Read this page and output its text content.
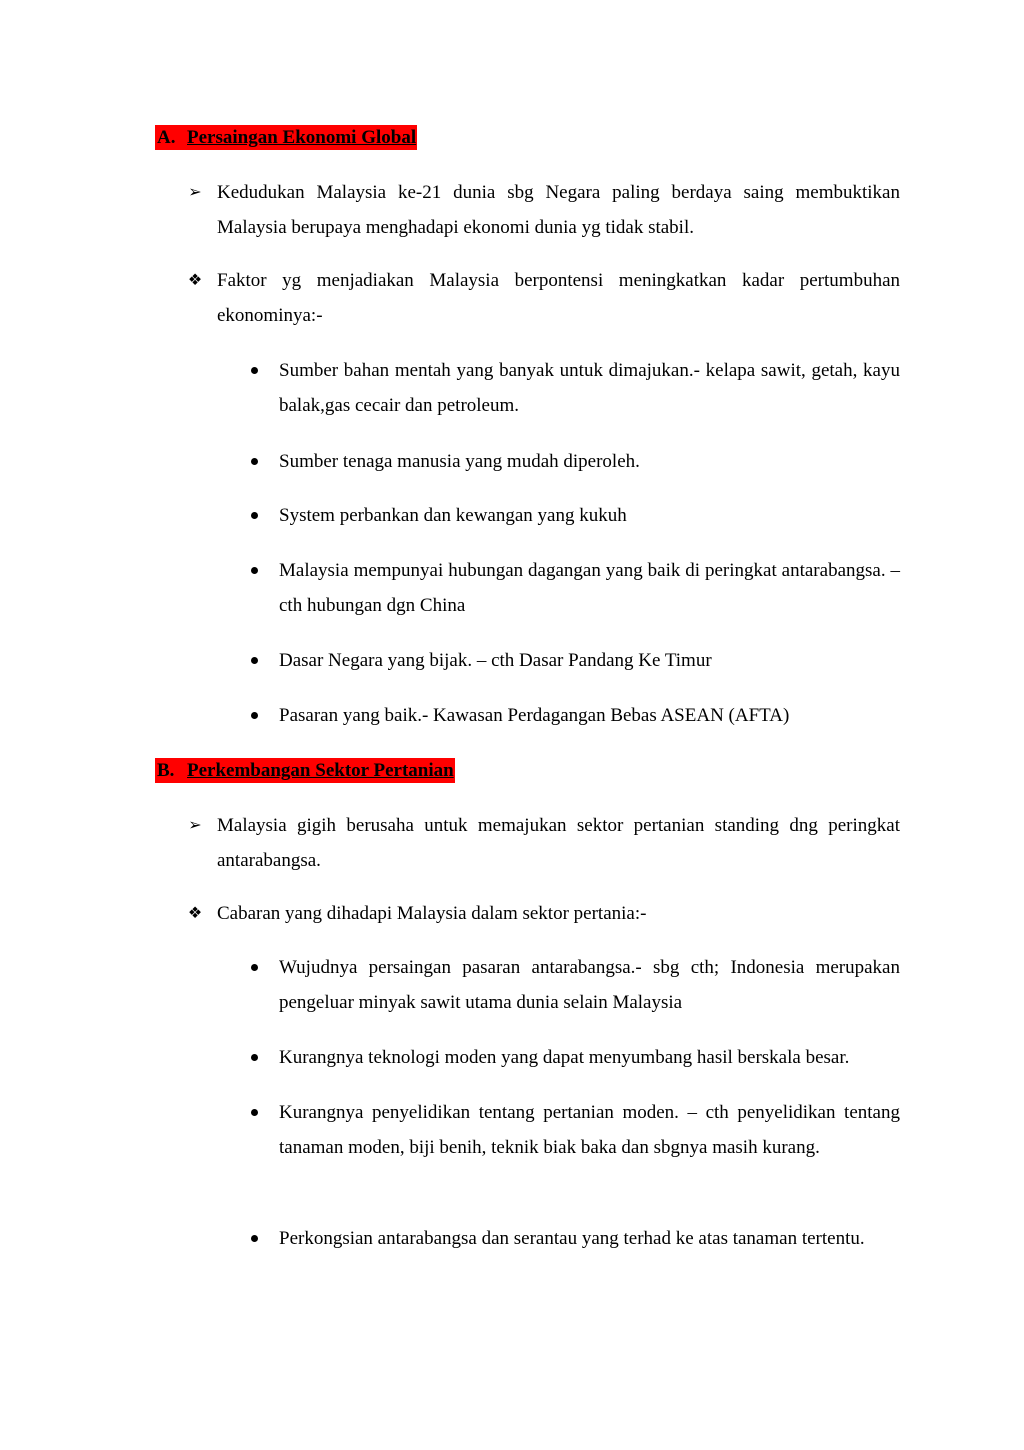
A. Persaingan Ekonomi Global
➢ Kedudukan Malaysia ke-21 dunia sbg Negara paling berdaya saing membuktikan Malaysia berupaya menghadapi ekonomi dunia yg tidak stabil.
❖ Faktor yg menjadiakan Malaysia berpontensi meningkatkan kadar pertumbuhan ekonominya:-
Sumber bahan mentah yang banyak untuk dimajukan.- kelapa sawit, getah, kayu balak,gas cecair dan petroleum.
Sumber tenaga manusia yang mudah diperoleh.
System perbankan dan kewangan yang kukuh
Malaysia mempunyai hubungan dagangan yang baik di peringkat antarabangsa. – cth hubungan dgn China
Dasar Negara yang bijak. – cth Dasar Pandang Ke Timur
Pasaran yang baik.- Kawasan Perdagangan Bebas ASEAN (AFTA)
B. Perkembangan Sektor Pertanian
➢ Malaysia gigih berusaha untuk memajukan sektor pertanian standing dng peringkat antarabangsa.
❖ Cabaran yang dihadapi Malaysia dalam sektor pertania:-
Wujudnya persaingan pasaran antarabangsa.- sbg cth; Indonesia merupakan pengeluar minyak sawit utama dunia selain Malaysia
Kurangnya teknologi moden yang dapat menyumbang hasil berskala besar.
Kurangnya penyelidikan tentang pertanian moden. – cth penyelidikan tentang tanaman moden, biji benih, teknik biak baka dan sbgnya masih kurang.
Perkongsian antarabangsa dan serantau yang terhad ke atas tanaman tertentu.
